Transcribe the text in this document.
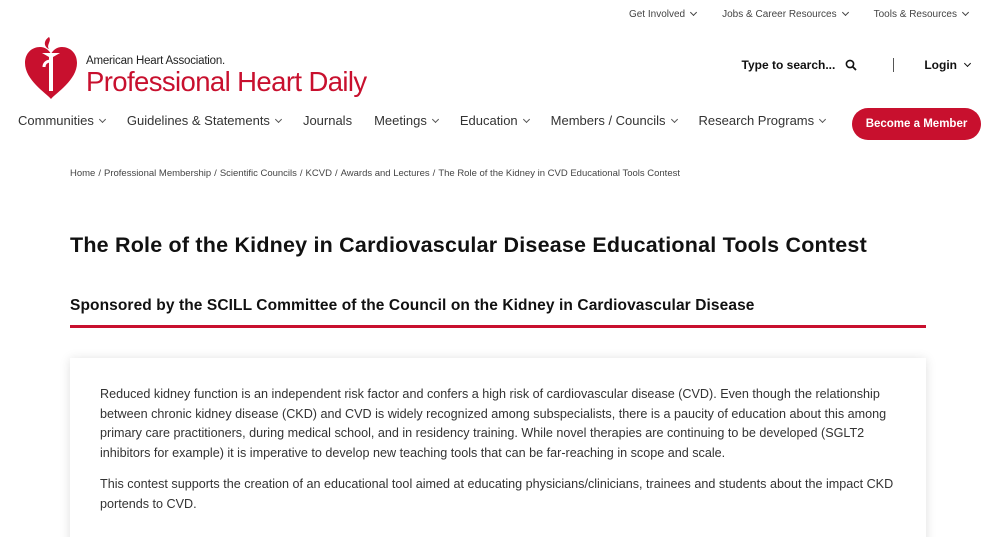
Get Involved	Jobs & Career Resources	Tools & Resources
American Heart Association.
Professional Heart Daily
Type to search...	Login
Communities	Guidelines & Statements	Journals Meetings	Education	Members / Councils	Research Programs	Become a Member
Home / Professional Membership / Scientific Councils / KCVD / Awards and Lectures / The Role of the Kidney in CVD Educational Tools Contest
The Role of the Kidney in Cardiovascular Disease Educational Tools Contest
Sponsored by the SCILL Committee of the Council on the Kidney in Cardiovascular Disease

Reduced kidney function is an independent risk factor and confers a high risk of cardiovascular disease (CVD). Even though the relationship between chronic kidney disease (CKD) and CVD is widely recognized among subspecialists, there is a paucity of education about this among primary care practitioners, during medical school, and in residency training. While novel therapies are continuing to be developed (SGLT2 inhibitors for example) it is imperative to develop new teaching tools that can be far-reaching in scope and scale.

This contest supports the creation of an educational tool aimed at educating physicians/clinicians, trainees and students about the impact CKD portends to CVD.
